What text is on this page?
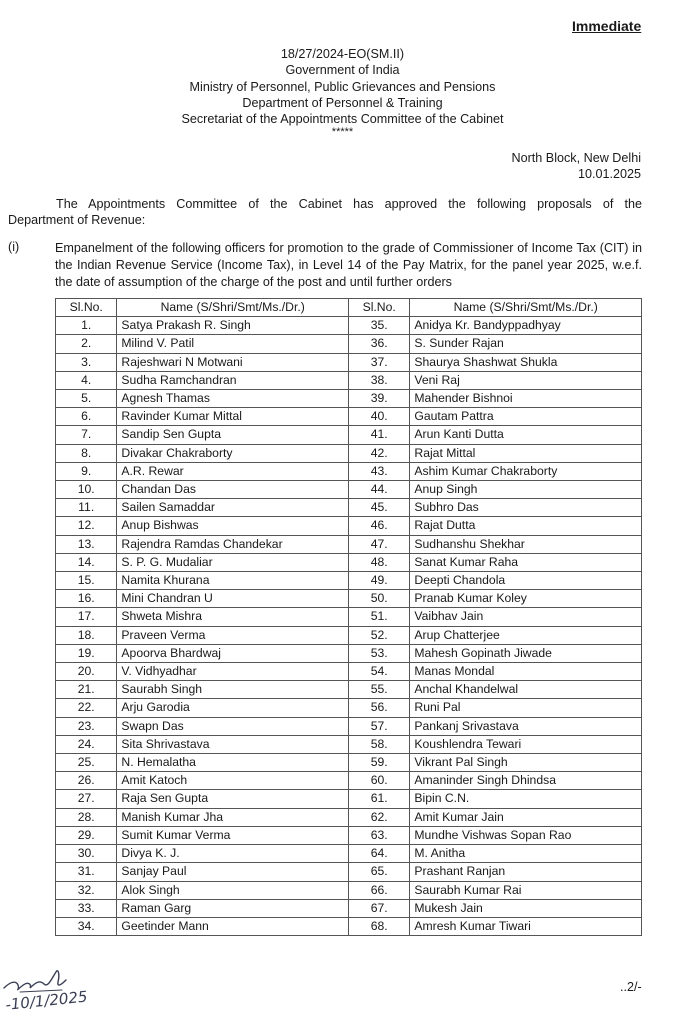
Immediate
18/27/2024-EO(SM.II)
Government of India
Ministry of Personnel, Public Grievances and Pensions
Department of Personnel & Training
Secretariat of the Appointments Committee of the Cabinet
*****
North Block, New Delhi
10.01.2025
The Appointments Committee of the Cabinet has approved the following proposals of the
Department of Revenue:
(i)	Empanelment of the following officers for promotion to the grade of Commissioner of Income Tax (CIT) in the Indian Revenue Service (Income Tax), in Level 14 of the Pay Matrix, for the panel year 2025, w.e.f. the date of assumption of the charge of the post and until further orders
Sl.No.	Name (S/Shri/Smt/Ms./Dr.)	Sl.No.	Name (S/Shri/Smt/Ms./Dr.)
1.	Satya Prakash R. Singh	35.	Anidya Kr. Bandyppadhyay
2.	Milind V. Patil	36.	S. Sunder Rajan
3.	Rajeshwari N Motwani	37.	Shaurya Shashwat Shukla
4.	Sudha Ramchandran	38.	Veni Raj
5.	Agnesh Thamas	39.	Mahender Bishnoi
6.	Ravinder Kumar Mittal	40.	Gautam Pattra
7.	Sandip Sen Gupta	41.	Arun Kanti Dutta
8.	Divakar Chakraborty	42.	Rajat Mittal
9.	A.R. Rewar	43.	Ashim Kumar Chakraborty
10.	Chandan Das	44.	Anup Singh
11.	Sailen Samaddar	45.	Subhro Das
12.	Anup Bishwas	46.	Rajat Dutta
13.	Rajendra Ramdas Chandekar	47.	Sudhanshu Shekhar
14.	S. P. G. Mudaliar	48.	Sanat Kumar Raha
15.	Namita Khurana	49.	Deepti Chandola
16.	Mini Chandran U	50.	Pranab Kumar Koley
17.	Shweta Mishra	51.	Vaibhav Jain
18.	Praveen Verma	52.	Arup Chatterjee
19.	Apoorva Bhardwaj	53.	Mahesh Gopinath Jiwade
20.	V. Vidhyadhar	54.	Manas Mondal
21.	Saurabh Singh	55.	Anchal Khandelwal
22.	Arju Garodia	56.	Runi Pal
23.	Swapn Das	57.	Pankanj Srivastava
24.	Sita Shrivastava	58.	Koushlendra Tewari
25.	N. Hemalatha	59.	Vikrant Pal Singh
26.	Amit Katoch	60.	Amaninder Singh Dhindsa
27.	Raja Sen Gupta	61.	Bipin C.N.
28.	Manish Kumar Jha	62.	Amit Kumar Jain
29.	Sumit Kumar Verma	63.	Mundhe Vishwas Sopan Rao
30.	Divya K. J.	64.	M. Anitha
31.	Sanjay Paul	65.	Prashant Ranjan
32.	Alok Singh	66.	Saurabh Kumar Rai
33.	Raman Garg	67.	Mukesh Jain
34.	Geetinder Mann	68.	Amresh Kumar Tiwari
-10/1/2025
..2/-
